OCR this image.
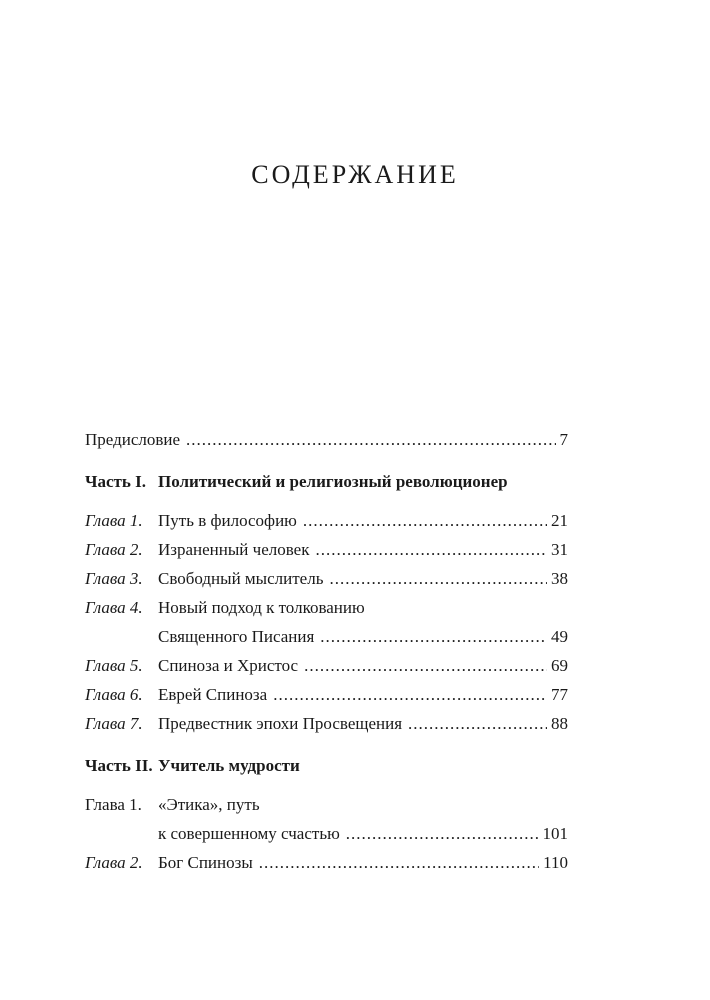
СОДЕРЖАНИЕ
Предисловие .....	7
Часть I. Политический и религиозный революционер
Глава 1. Путь в философию .....	21
Глава 2. Израненный человек .....	31
Глава 3. Свободный мыслитель .....	38
Глава 4. Новый подход к толкованию
Священного Писания .....	49
Глава 5. Спиноза и Христос .....	69
Глава 6. Еврей Спиноза .....	77
Глава 7. Предвестник эпохи Просвещения .....	88
Часть II. Учитель мудрости
Глава 1. «Этика», путь
к совершенному счастью .....	101
Глава 2. Бог Спинозы .....	110
